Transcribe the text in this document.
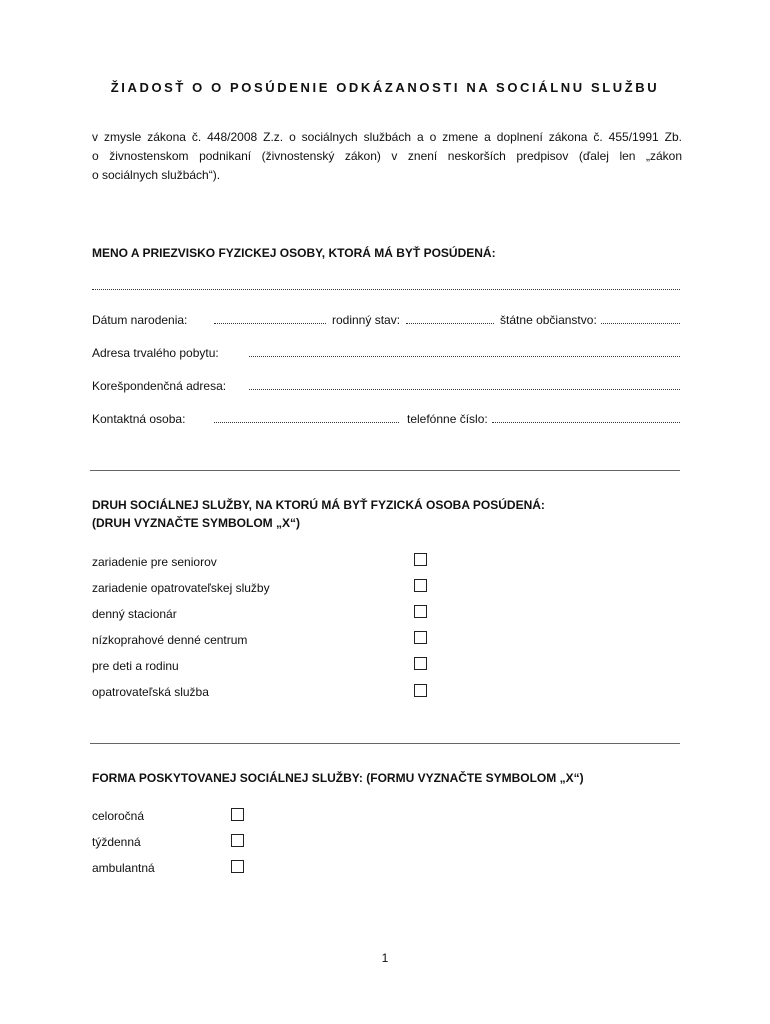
ŽIADOSŤ O O POSÚDENIE ODKÁZANOSTI NA SOCIÁLNU SLUŽBU
v zmysle zákona č. 448/2008 Z.z. o sociálnych službách a o zmene a doplnení zákona č. 455/1991 Zb.
o živnostenskom podnikaní (živnostenský zákon) v znení neskorších predpisov (ďalej len „zákon
o sociálnych službách“).
MENO A PRIEZVISKO FYZICKEJ OSOBY, KTORÁ MÁ BYŤ POSÚDENÁ:
Dátum narodenia:	rodinný stav:	štátne občianstvo:
Adresa trvalého pobytu:
Korešpondenčná adresa:
Kontaktná osoba:	telefónne číslo:
DRUH SOCIÁLNEJ SLUŽBY, NA KTORÚ MÁ BYŤ FYZICKÁ OSOBA POSÚDENÁ:
(DRUH VYZNAČTE SYMBOLOM „X“)
zariadenie pre seniorov
zariadenie opatrovateľskej služby
denný stacionár
nízkoprahové denné centrum
pre deti a rodinu
opatrovateľská služba
FORMA POSKYTOVANEJ SOCIÁLNEJ SLUŽBY: (FORMU VYZNAČTE SYMBOLOM „X“)
celoročná
týždenná
ambulantná
1
